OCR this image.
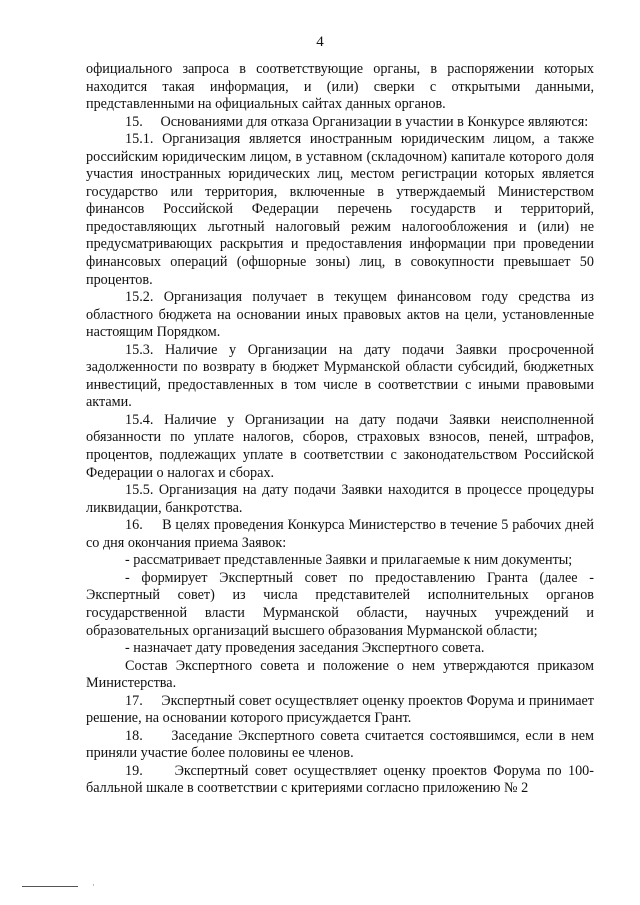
4

официального запроса в соответствующие органы, в распоряжении которых находится такая информация, и (или) сверки с открытыми данными, представленными на официальных сайтах данных органов.

15.     Основаниями для отказа Организации в участии в Конкурсе являются:

15.1. Организация является иностранным юридическим лицом, а также российским юридическим лицом, в уставном (складочном) капитале которого доля участия иностранных юридических лиц, местом регистрации которых является государство или территория, включенные в утверждаемый Министерством финансов Российской Федерации перечень государств и территорий, предоставляющих льготный налоговый режим налогообложения и (или) не предусматривающих раскрытия и предоставления информации при проведении финансовых операций (офшорные зоны) лиц, в совокупности превышает 50 процентов.

15.2. Организация получает в текущем финансовом году средства из областного бюджета на основании иных правовых актов на цели, установленные настоящим Порядком.

15.3. Наличие у Организации на дату подачи Заявки просроченной задолженности по возврату в бюджет Мурманской области субсидий, бюджетных инвестиций, предоставленных в том числе в соответствии с иными правовыми актами.

15.4. Наличие у Организации на дату подачи Заявки неисполненной обязанности по уплате налогов, сборов, страховых взносов, пеней, штрафов, процентов, подлежащих уплате в соответствии с законодательством Российской Федерации о налогах и сборах.

15.5. Организация на дату подачи Заявки находится в процессе процедуры ликвидации, банкротства.

16.     В целях проведения Конкурса Министерство в течение 5 рабочих дней со дня окончания приема Заявок:

- рассматривает представленные Заявки и прилагаемые к ним документы;

- формирует Экспертный совет по предоставлению Гранта (далее - Экспертный совет) из числа представителей исполнительных органов государственной власти Мурманской области, научных учреждений и образовательных организаций высшего образования Мурманской области;

- назначает дату проведения заседания Экспертного совета.

Состав Экспертного совета и положение о нем утверждаются приказом Министерства.

17.     Экспертный совет осуществляет оценку проектов Форума и принимает решение, на основании которого присуждается Грант.

18.     Заседание Экспертного совета считается состоявшимся, если в нем приняли участие более половины ее членов.

19.     Экспертный совет осуществляет оценку проектов Форума по 100-балльной шкале в соответствии с критериями согласно приложению № 2

·
